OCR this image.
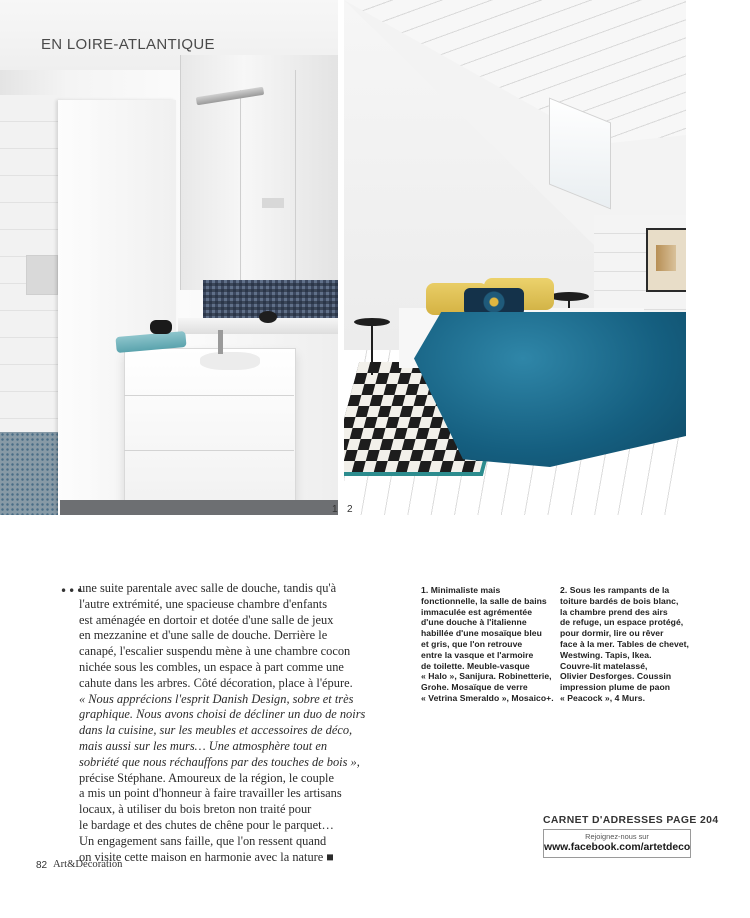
EN LOIRE-ATLANTIQUE
1 2
•••
une suite parentale avec salle de douche, tandis qu'à
l'autre extrémité, une spacieuse chambre d'enfants
est aménagée en dortoir et dotée d'une salle de jeux
en mezzanine et d'une salle de douche. Derrière le
canapé, l'escalier suspendu mène à une chambre cocon
nichée sous les combles, un espace à part comme une
cahute dans les arbres. Côté décoration, place à l'épure.
« Nous apprécions l'esprit Danish Design, sobre et très
graphique. Nous avons choisi de décliner un duo de noirs
dans la cuisine, sur les meubles et accessoires de déco,
mais aussi sur les murs… Une atmosphère tout en
sobriété que nous réchauffons par des touches de bois »,
précise Stéphane. Amoureux de la région, le couple
a mis un point d'honneur à faire travailler les artisans
locaux, à utiliser du bois breton non traité pour
le bardage et des chutes de chêne pour le parquet…
Un engagement sans faille, que l'on ressent quand
on visite cette maison en harmonie avec la nature ■
1. Minimaliste mais
fonctionnelle, la salle de bains
immaculée est agrémentée
d'une douche à l'italienne
habillée d'une mosaïque bleu
et gris, que l'on retrouve
entre la vasque et l'armoire
de toilette. Meuble-vasque
« Halo », Sanijura. Robinetterie,
Grohe. Mosaïque de verre
« Vetrina Smeraldo », Mosaico+.
2. Sous les rampants de la
toiture bardés de bois blanc,
la chambre prend des airs
de refuge, un espace protégé,
pour dormir, lire ou rêver
face à la mer. Tables de chevet,
Westwing. Tapis, Ikea.
Couvre-lit matelassé,
Olivier Desforges. Coussin
impression plume de paon
« Peacock », 4 Murs.
CARNET D'ADRESSES PAGE 204
Rejoignez-nous sur
www.facebook.com/artetdeco
82 Art&Décoration
